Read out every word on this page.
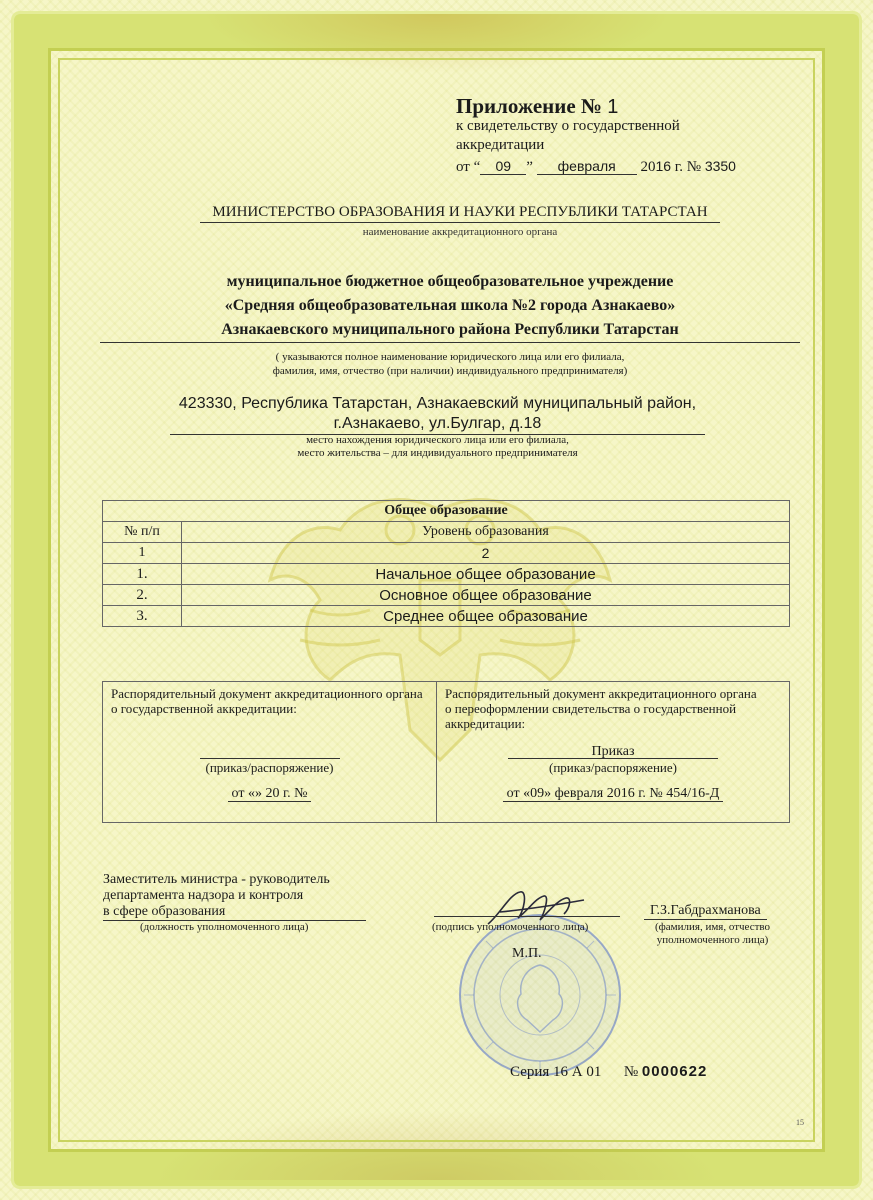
Приложение № 1
к свидетельству о государственной
аккредитации
от “ 09 ” февраля 2016 г. № 3350
МИНИСТЕРСТВО ОБРАЗОВАНИЯ И НАУКИ РЕСПУБЛИКИ ТАТАРСТАН
наименование аккредитационного органа
муниципальное бюджетное общеобразовательное учреждение
«Средняя общеобразовательная школа №2 города Азнакаево»
Азнакаевского муниципального района Республики Татарстан
( указываются полное наименование юридического лица или его филиала,
фамилия, имя, отчество (при наличии) индивидуального предпринимателя)
423330, Республика Татарстан, Азнакаевский муниципальный район,
г.Азнакаево, ул.Булгар, д.18
место нахождения юридического лица или его филиала,
место жительства – для индивидуального предпринимателя
Общее образование	
№ п/п	Уровень образования
1	2
1.	Начальное общее образование
2.	Основное общее образование
3.	Среднее общее образование
Распорядительный документ аккредитационного органа о государственной аккредитации:
(приказ/распоряжение)
от «» 20 г. №
Распорядительный документ аккредитационного органа о переоформлении свидетельства о государственной аккредитации:
Приказ
(приказ/распоряжение)
от «09» февраля 2016 г. № 454/16-Д
Заместитель министра - руководитель
департамента надзора и контроля
в сфере образования
(должность уполномоченного лица)	(подпись уполномоченного лица)
Г.З.Габдрахманова
(фамилия, имя, отчество
уполномоченного лица)
М.П.
Серия 16 А 01 № 0000622
15
